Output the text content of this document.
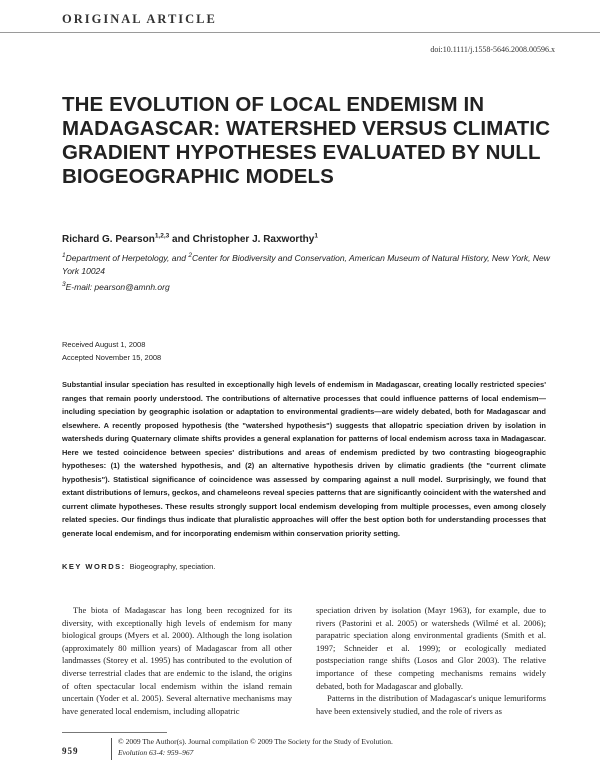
ORIGINAL ARTICLE
doi:10.1111/j.1558-5646.2008.00596.x
THE EVOLUTION OF LOCAL ENDEMISM IN MADAGASCAR: WATERSHED VERSUS CLIMATIC GRADIENT HYPOTHESES EVALUATED BY NULL BIOGEOGRAPHIC MODELS
Richard G. Pearson$^{1,2,3}$ and Christopher J. Raxworthy$^1$
$^1$Department of Herpetology, and $^2$Center for Biodiversity and Conservation, American Museum of Natural History, New York, New York 10024
$^3$E-mail: pearson@amnh.org
Received August 1, 2008
Accepted November 15, 2008
Substantial insular speciation has resulted in exceptionally high levels of endemism in Madagascar, creating locally restricted species' ranges that remain poorly understood. The contributions of alternative processes that could influence patterns of local endemism—including speciation by geographic isolation or adaptation to environmental gradients—are widely debated, both for Madagascar and elsewhere. A recently proposed hypothesis (the "watershed hypothesis") suggests that allopatric speciation driven by isolation in watersheds during Quaternary climate shifts provides a general explanation for patterns of local endemism across taxa in Madagascar. Here we tested coincidence between species' distributions and areas of endemism predicted by two contrasting biogeographic hypotheses: (1) the watershed hypothesis, and (2) an alternative hypothesis driven by climatic gradients (the "current climate hypothesis"). Statistical significance of coincidence was assessed by comparing against a null model. Surprisingly, we found that extant distributions of lemurs, geckos, and chameleons reveal species patterns that are significantly coincident with the watershed and current climate hypotheses. These results strongly support local endemism developing from multiple processes, even among closely related species. Our findings thus indicate that pluralistic approaches will offer the best option both for understanding processes that generate local endemism, and for incorporating endemism within conservation priority setting.
KEY WORDS: Biogeography, speciation.
The biota of Madagascar has long been recognized for its diversity, with exceptionally high levels of endemism for many biological groups (Myers et al. 2000). Although the long isolation (approximately 80 million years) of Madagascar from all other landmasses (Storey et al. 1995) has contributed to the evolution of diverse terrestrial clades that are endemic to the island, the origins of often spectacular local endemism within the island remain uncertain (Yoder et al. 2005). Several alternative mechanisms may have generated local endemism, including allopatric

speciation driven by isolation (Mayr 1963), for example, due to rivers (Pastorini et al. 2005) or watersheds (Wilmé et al. 2006); parapatric speciation along environmental gradients (Smith et al. 1997; Schneider et al. 1999); or ecologically mediated postspeciation range shifts (Losos and Glor 2003). The relative importance of these competing mechanisms remains widely debated, both for Madagascar and globally.

Patterns in the distribution of Madagascar's unique lemuriforms have been extensively studied, and the role of rivers as

959
© 2009 The Author(s). Journal compilation © 2009 The Society for the Study of Evolution.
Evolution 63-4: 959–967
